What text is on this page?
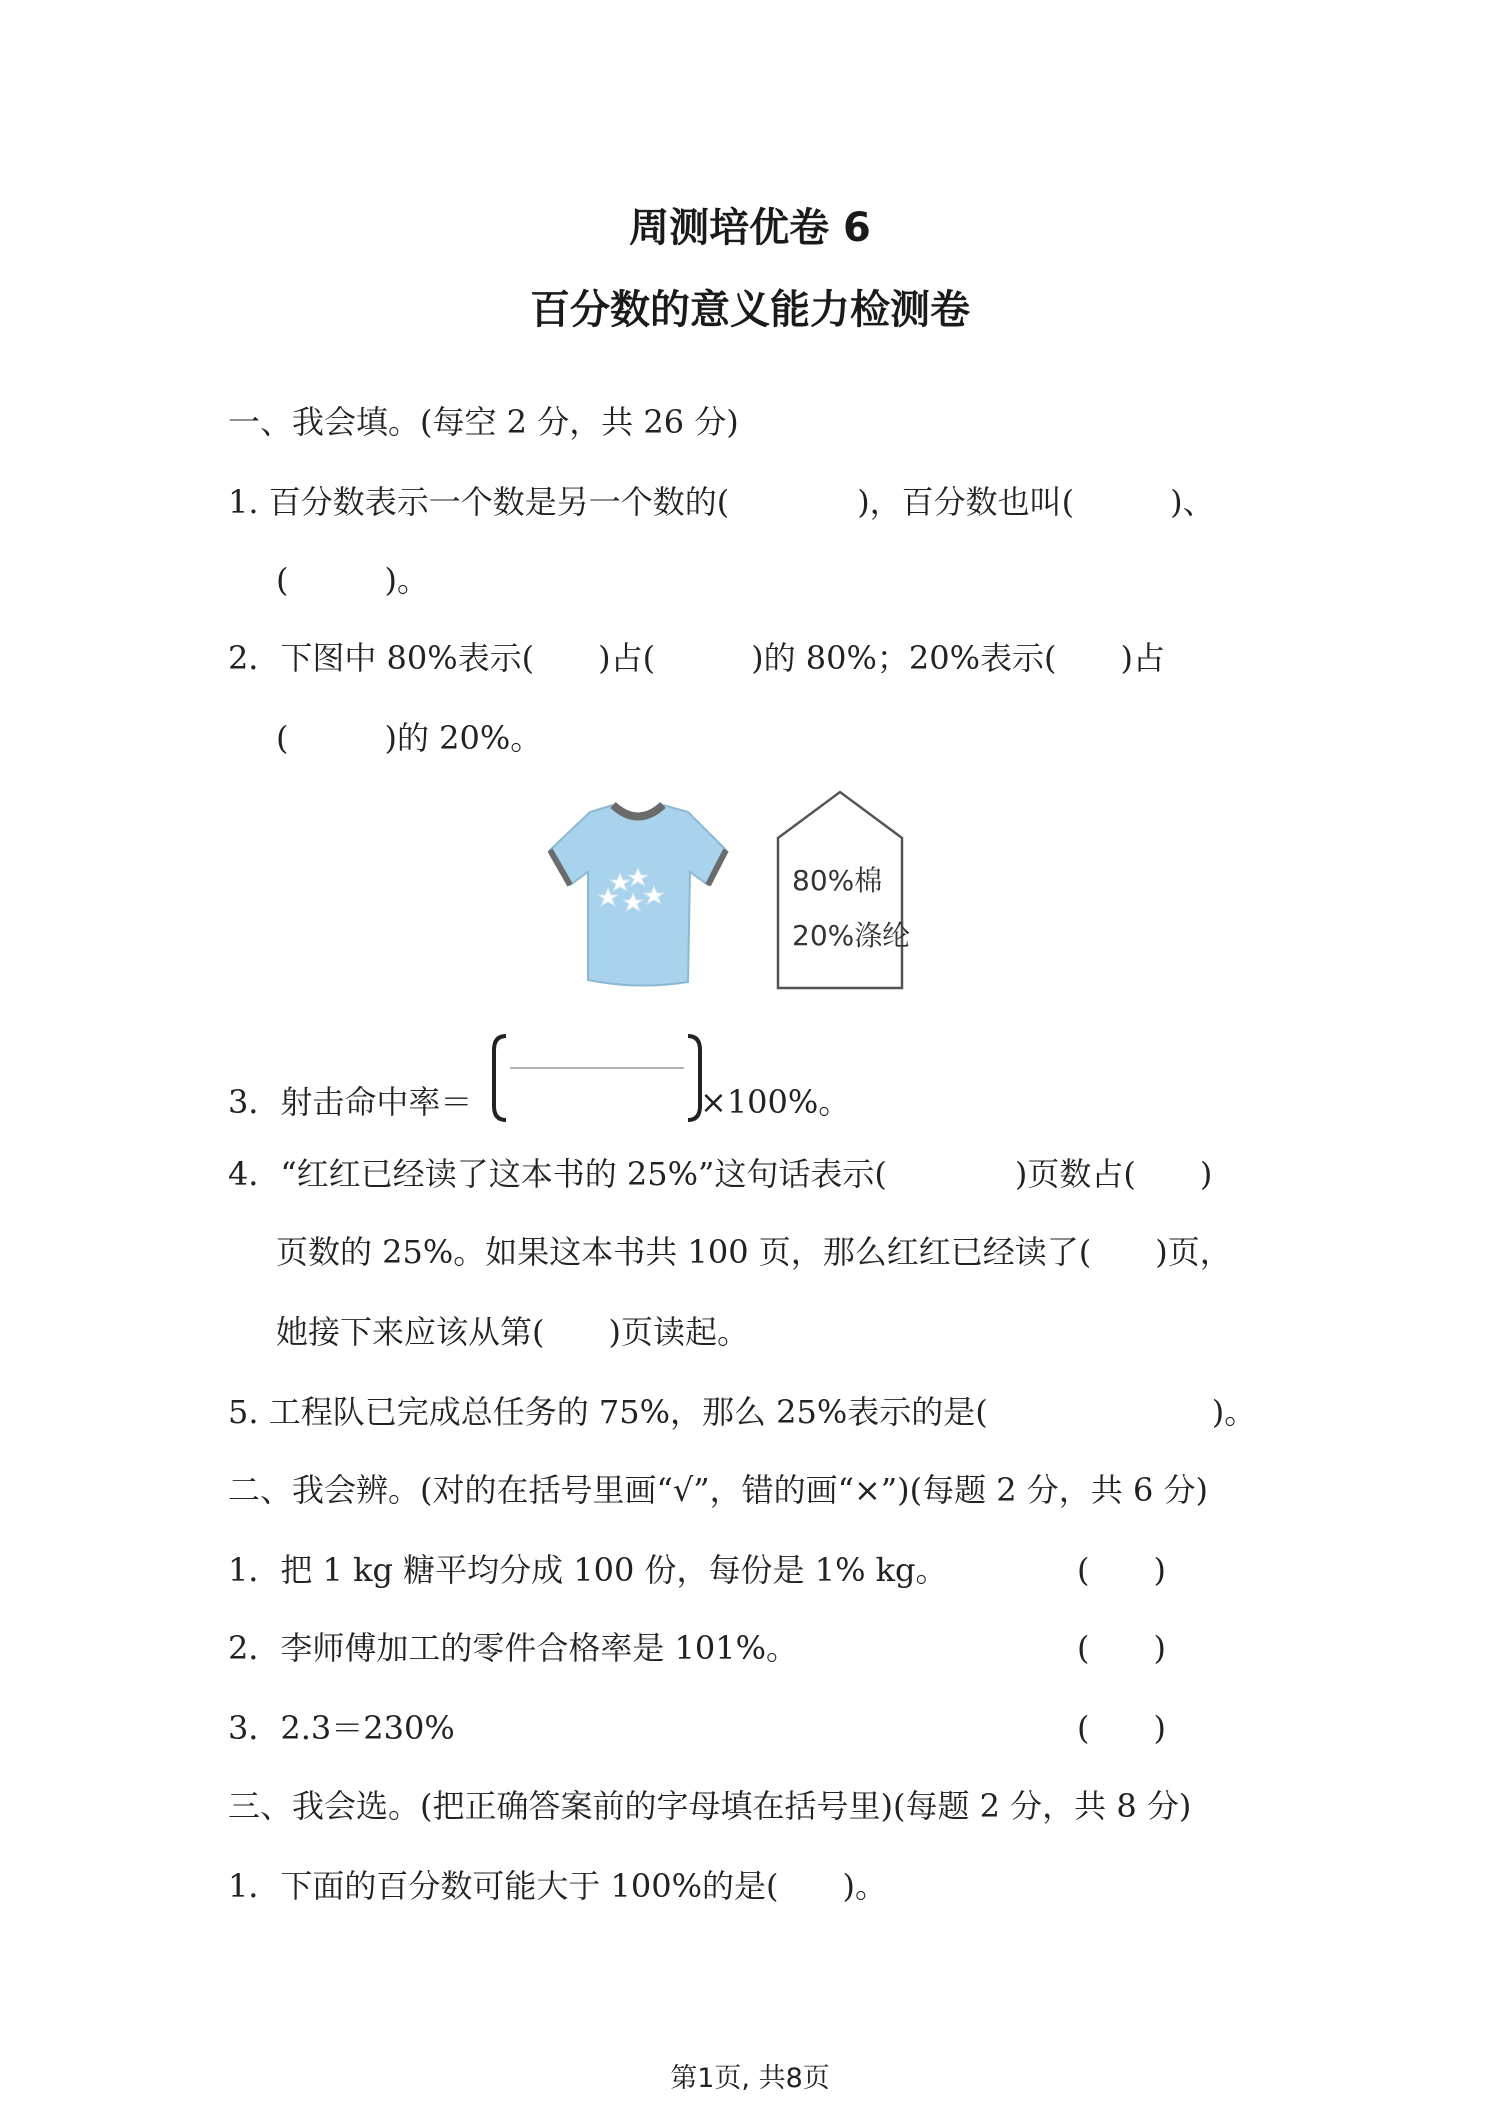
周测培优卷 6
百分数的意义能力检测卷
一、我会填。(每空 2 分，共 26 分)
1. 百分数表示一个数是另一个数的(　　　　)，百分数也叫(　　　)、
(　　　)。
2．下图中 80%表示(　　)占(　　　)的 80%；20%表示(　　)占
(　　　)的 20%。
80%棉
20%涤纶
3．射击命中率＝	×100%。
4．“红红已经读了这本书的 25%”这句话表示(　　　　)页数占(　　)
页数的 25%。如果这本书共 100 页，那么红红已经读了(　　)页，
她接下来应该从第(　　)页读起。
5. 工程队已完成总任务的 75%，那么 25%表示的是(　　　　　　　)。
二、我会辨。(对的在括号里画“√”，错的画“×”)(每题 2 分，共 6 分)
1．把 1 kg 糖平均分成 100 份，每份是 1% kg。	(　　)
2．李师傅加工的零件合格率是 101%。	(　　)
3．2.3＝230%	(　　)
三、我会选。(把正确答案前的字母填在括号里)(每题 2 分，共 8 分)
1．下面的百分数可能大于 100%的是(　　)。
第1页, 共8页
